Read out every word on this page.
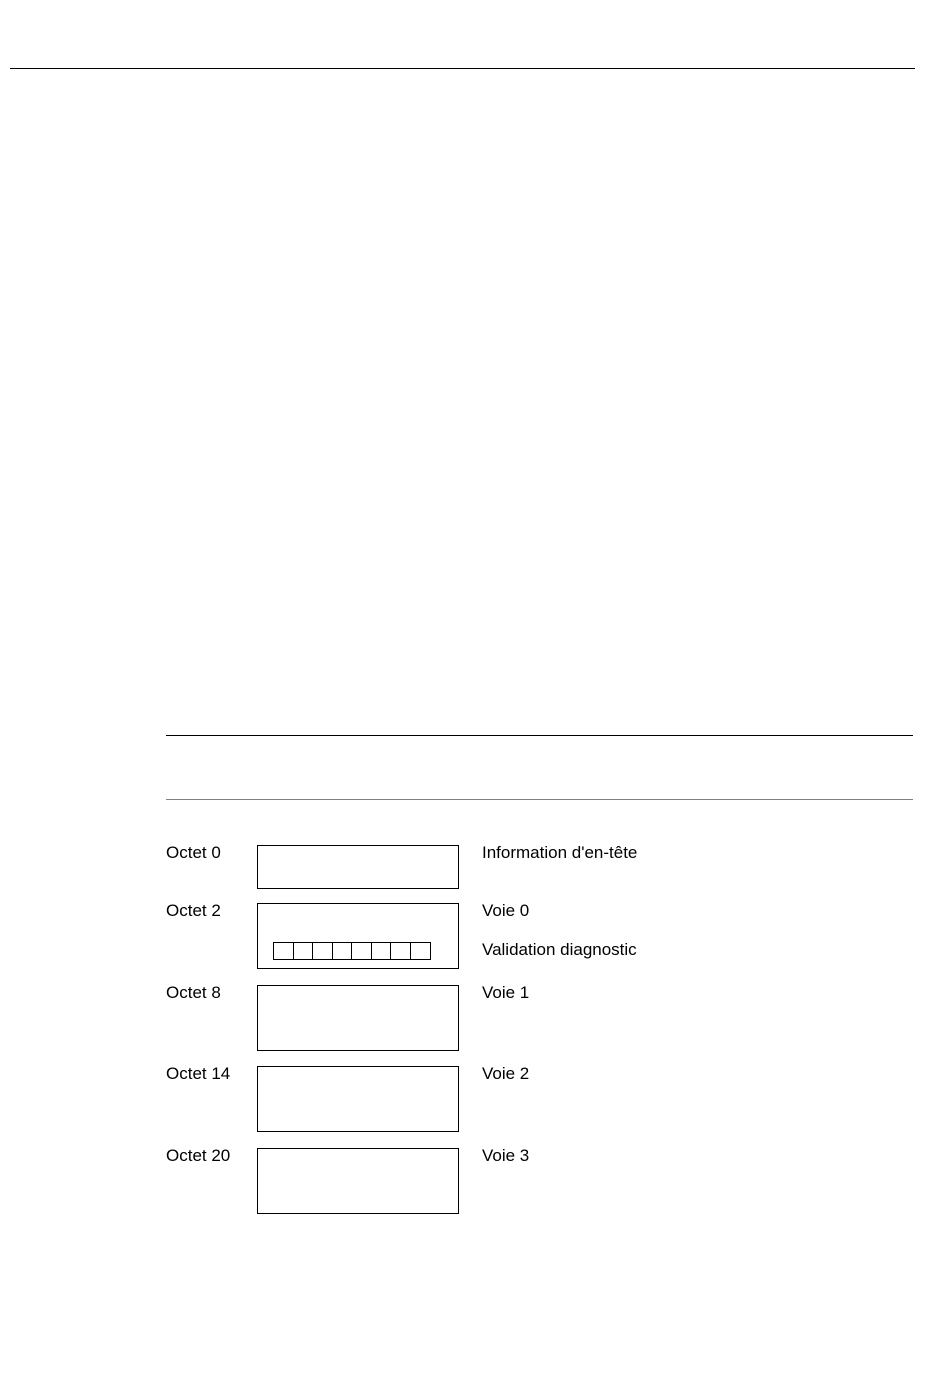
Octet 0	Information d'en-tête
Octet 2	Voie 0
Validation diagnostic
Octet 8	Voie 1
Octet 14	Voie 2
Octet 20	Voie 3
